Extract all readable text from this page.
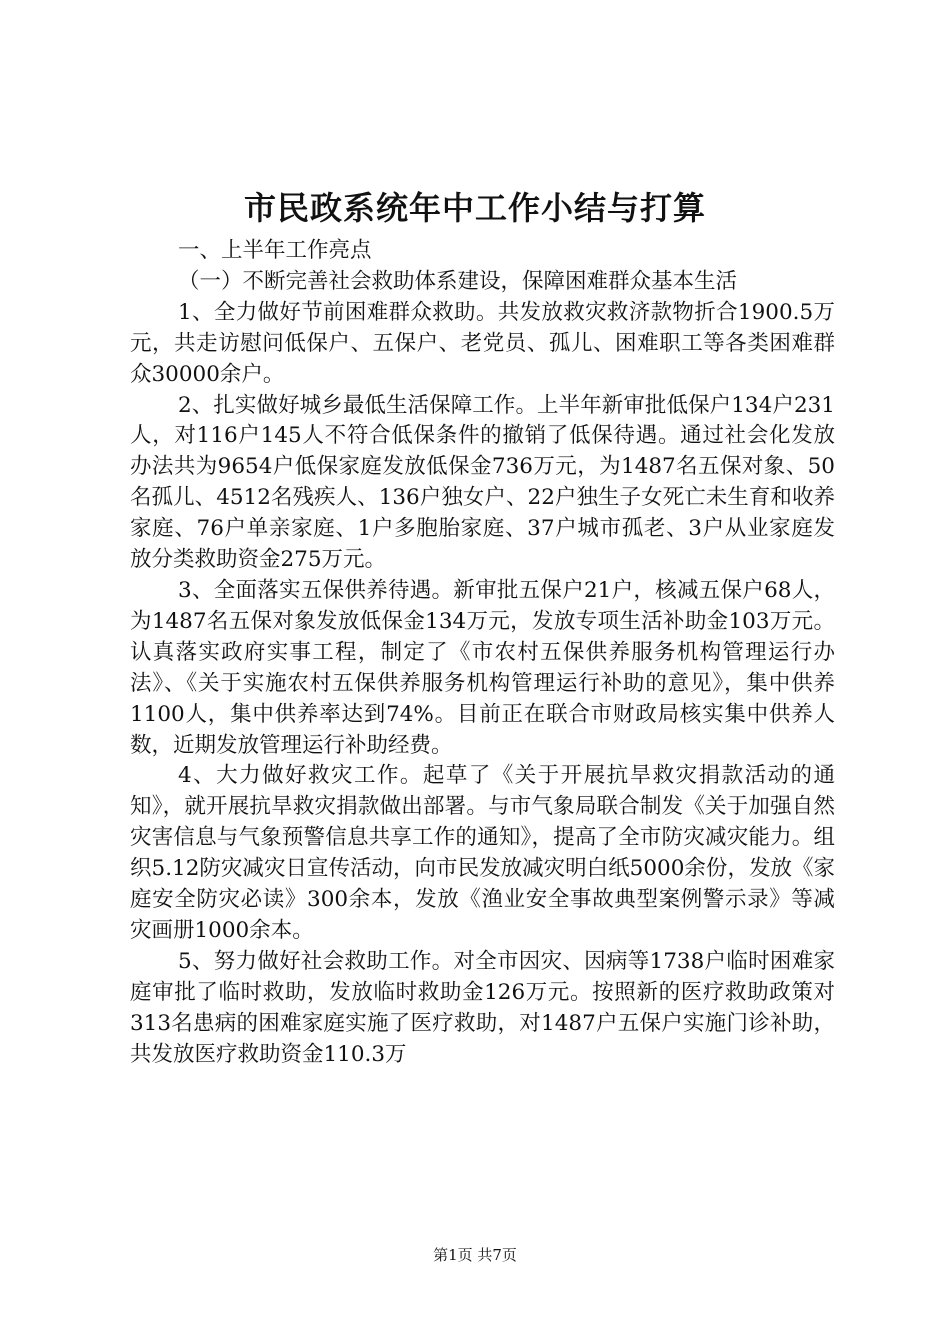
市民政系统年中工作小结与打算

一、上半年工作亮点

（一）不断完善社会救助体系建设，保障困难群众基本生活

1、全力做好节前困难群众救助。共发放救灾救济款物折合1900.5万元，共走访慰问低保户、五保户、老党员、孤儿、困难职工等各类困难群众30000余户。

2、扎实做好城乡最低生活保障工作。上半年新审批低保户134户231人，对116户145人不符合低保条件的撤销了低保待遇。通过社会化发放办法共为9654户低保家庭发放低保金736万元，为1487名五保对象、50名孤儿、4512名残疾人、136户独女户、22户独生子女死亡未生育和收养家庭、76户单亲家庭、1户多胞胎家庭、37户城市孤老、3户从业家庭发放分类救助资金275万元。

3、全面落实五保供养待遇。新审批五保户21户，核减五保户68人，为1487名五保对象发放低保金134万元，发放专项生活补助金103万元。认真落实政府实事工程，制定了《市农村五保供养服务机构管理运行办法》、《关于实施农村五保供养服务机构管理运行补助的意见》，集中供养1100人，集中供养率达到74%。目前正在联合市财政局核实集中供养人数，近期发放管理运行补助经费。

4、大力做好救灾工作。起草了《关于开展抗旱救灾捐款活动的通知》，就开展抗旱救灾捐款做出部署。与市气象局联合制发《关于加强自然灾害信息与气象预警信息共享工作的通知》，提高了全市防灾减灾能力。组织5.12防灾减灾日宣传活动，向市民发放减灾明白纸5000余份，发放《家庭安全防灾必读》300余本，发放《渔业安全事故典型案例警示录》等减灾画册1000余本。

5、努力做好社会救助工作。对全市因灾、因病等1738户临时困难家庭审批了临时救助，发放临时救助金126万元。按照新的医疗救助政策对313名患病的困难家庭实施了医疗救助，对1487户五保户实施门诊补助，共发放医疗救助资金110.3万

第1页 共7页
